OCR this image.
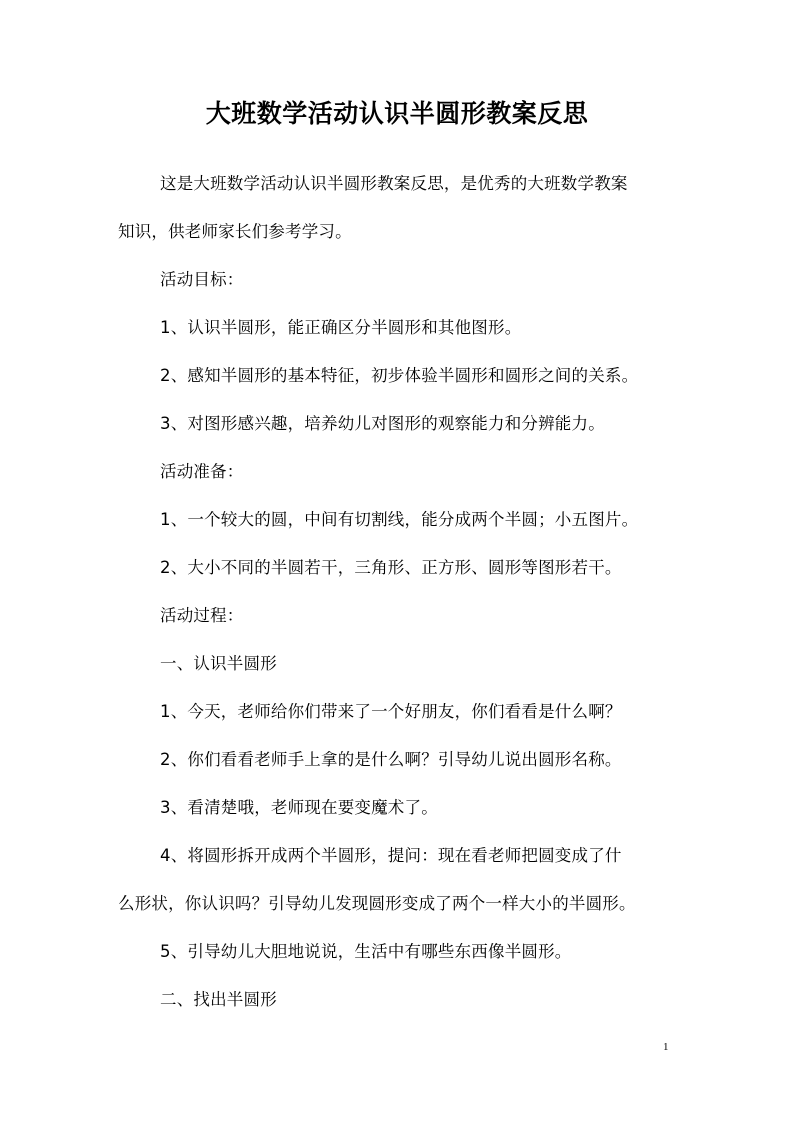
大班数学活动认识半圆形教案反思

这是大班数学活动认识半圆形教案反思，是优秀的大班数学教案

知识，供老师家长们参考学习。

活动目标：

1、认识半圆形，能正确区分半圆形和其他图形。

2、感知半圆形的基本特征，初步体验半圆形和圆形之间的关系。

3、对图形感兴趣，培养幼儿对图形的观察能力和分辨能力。

活动准备：

1、一个较大的圆，中间有切割线，能分成两个半圆；小五图片。

2、大小不同的半圆若干，三角形、正方形、圆形等图形若干。

活动过程：

一、认识半圆形

1、今天，老师给你们带来了一个好朋友，你们看看是什么啊？

2、你们看看老师手上拿的是什么啊？引导幼儿说出圆形名称。

3、看清楚哦，老师现在要变魔术了。

4、将圆形拆开成两个半圆形，提问：现在看老师把圆变成了什

么形状，你认识吗？引导幼儿发现圆形变成了两个一样大小的半圆形。

5、引导幼儿大胆地说说，生活中有哪些东西像半圆形。

二、找出半圆形

1
